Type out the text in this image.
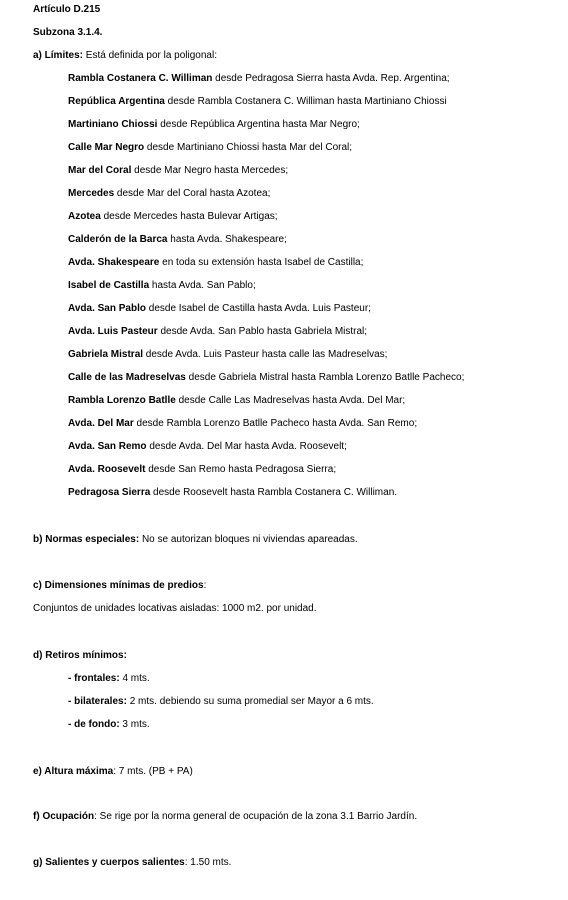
Artículo D.215
Subzona 3.1.4.
a) Límites: Está definida por la poligonal:
Rambla Costanera C. Williman desde Pedragosa Sierra hasta Avda. Rep. Argentina;
República Argentina desde Rambla Costanera C. Williman hasta Martiniano Chiossi
Martiniano Chiossi desde República Argentina hasta Mar Negro;
Calle Mar Negro desde Martiniano Chiossi hasta Mar del Coral;
Mar del Coral desde Mar Negro hasta Mercedes;
Mercedes desde Mar del Coral hasta Azotea;
Azotea desde Mercedes hasta Bulevar Artigas;
Calderón de la Barca hasta Avda. Shakespeare;
Avda. Shakespeare en toda su extensión hasta Isabel de Castilla;
Isabel de Castilla hasta Avda. San Pablo;
Avda. San Pablo desde Isabel de Castilla hasta Avda. Luis Pasteur;
Avda. Luis Pasteur desde Avda. San Pablo hasta Gabriela Mistral;
Gabriela Mistral desde Avda. Luis Pasteur hasta calle las Madreselvas;
Calle de las Madreselvas desde Gabriela Mistral hasta Rambla Lorenzo Batlle Pacheco;
Rambla Lorenzo Batlle desde Calle Las Madreselvas hasta Avda. Del Mar;
Avda. Del Mar desde Rambla Lorenzo Batlle Pacheco hasta Avda. San Remo;
Avda. San Remo desde Avda. Del Mar hasta Avda. Roosevelt;
Avda. Roosevelt desde San Remo hasta Pedragosa Sierra;
Pedragosa Sierra desde Roosevelt hasta Rambla Costanera C. Williman.
b) Normas especiales: No se autorizan bloques ni viviendas apareadas.
c) Dimensiones mínimas de predios:
Conjuntos de unidades locativas aisladas: 1000 m2. por unidad.
d) Retiros mínimos:
- frontales: 4 mts.
- bilaterales: 2 mts. debiendo su suma promedial ser Mayor a 6 mts.
- de fondo: 3 mts.
e) Altura máxima: 7 mts. (PB + PA)
f) Ocupación: Se rige por la norma general de ocupación de la zona 3.1 Barrio Jardín.
g) Salientes y cuerpos salientes: 1.50 mts.
